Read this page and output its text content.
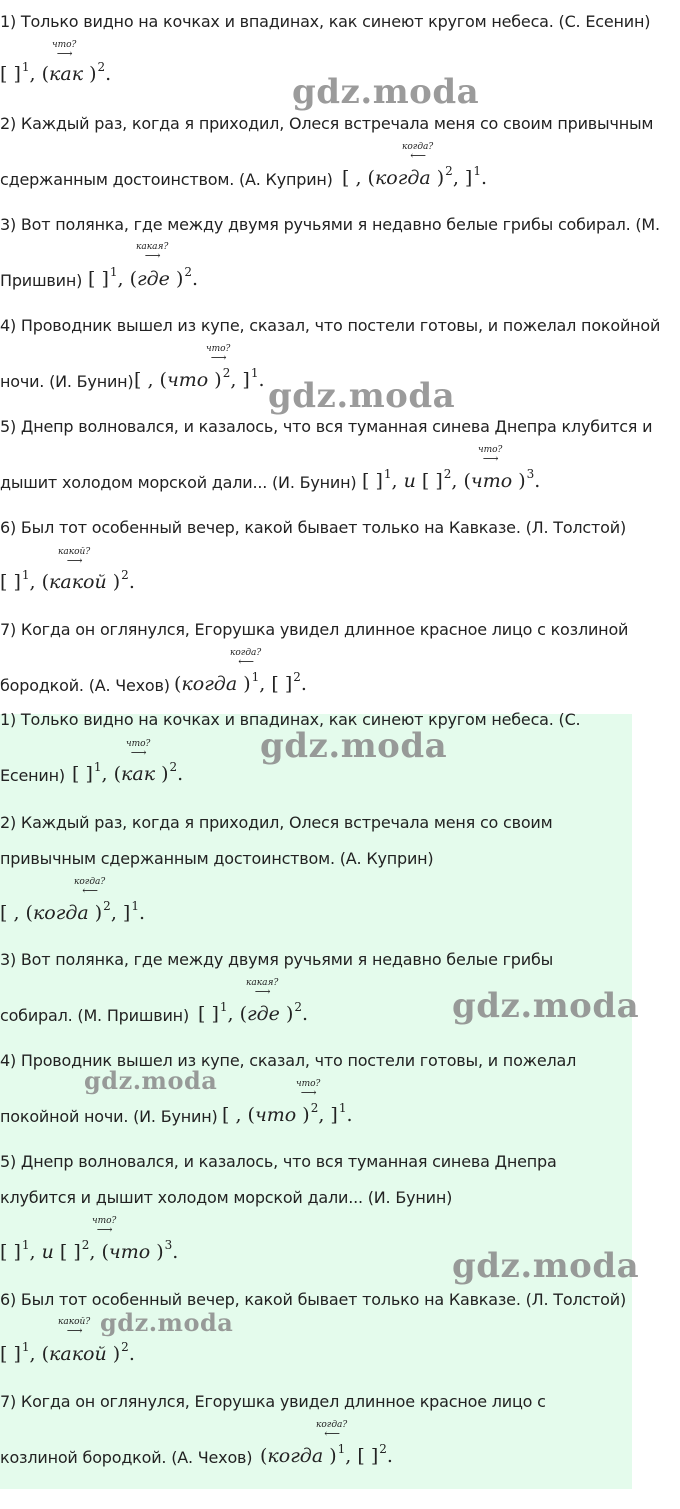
1) Только видно на кочках и впадинах, как синеют кругом небеса. (С. Есенин)

что?
⟶
[ ]$^1$, (как )$^2$.

2) Каждый раз, когда я приходил, Олеся встречала меня со своим привычным

сдержанным достоинством. (А. Куприн)

когда?
⟵
[ , (когда )$^2$, ]$^1$.

3) Вот полянка, где между двумя ручьями я недавно белые грибы собирал. (М.

Пришвин)

какая?
⟶
[ ]$^1$, (где )$^2$.

4) Проводник вышел из купе, сказал, что постели готовы, и пожелал покойной

ночи. (И. Бунин)

что?
⟶
[ , (что )$^2$, ]$^1$.

5) Днепр волновался, и казалось, что вся туманная синева Днепра клубится и

дышит холодом морской дали... (И. Бунин)

что?
⟶
[ ]$^1$, и [ ]$^2$, (что )$^3$.

6) Был тот особенный вечер, какой бывает только на Кавказе. (Л. Толстой)

какой?
⟶
[ ]$^1$, (какой )$^2$.

7) Когда он оглянулся, Егорушка увидел длинное красное лицо с козлиной

бородкой. (А. Чехов)

когда?
⟵
(когда )$^1$, [ ]$^2$.
gdz.moda
gdz.moda

1) Только видно на кочках и впадинах, как синеют кругом небеса. (С.

Есенин)

что?
⟶
[ ]$^1$, (как )$^2$.

2) Каждый раз, когда я приходил, Олеся встречала меня со своим

привычным сдержанным достоинством. (А. Куприн)

когда?
⟵
[ , (когда )$^2$, ]$^1$.

3) Вот полянка, где между двумя ручьями я недавно белые грибы

собирал. (М. Пришвин)

какая?
⟶
[ ]$^1$, (где )$^2$.

4) Проводник вышел из купе, сказал, что постели готовы, и пожелал

покойной ночи. (И. Бунин)

что?
⟶
[ , (что )$^2$, ]$^1$.

5) Днепр волновался, и казалось, что вся туманная синева Днепра

клубится и дышит холодом морской дали... (И. Бунин)

что?
⟶
[ ]$^1$, и [ ]$^2$, (что )$^3$.

6) Был тот особенный вечер, какой бывает только на Кавказе. (Л. Толстой)

какой?
⟶
[ ]$^1$, (какой )$^2$.

7) Когда он оглянулся, Егорушка увидел длинное красное лицо с

козлиной бородкой. (А. Чехов)

когда?
⟵
(когда )$^1$, [ ]$^2$.
gdz.moda
gdz.moda
gdz.moda
gdz.moda
gdz.moda
